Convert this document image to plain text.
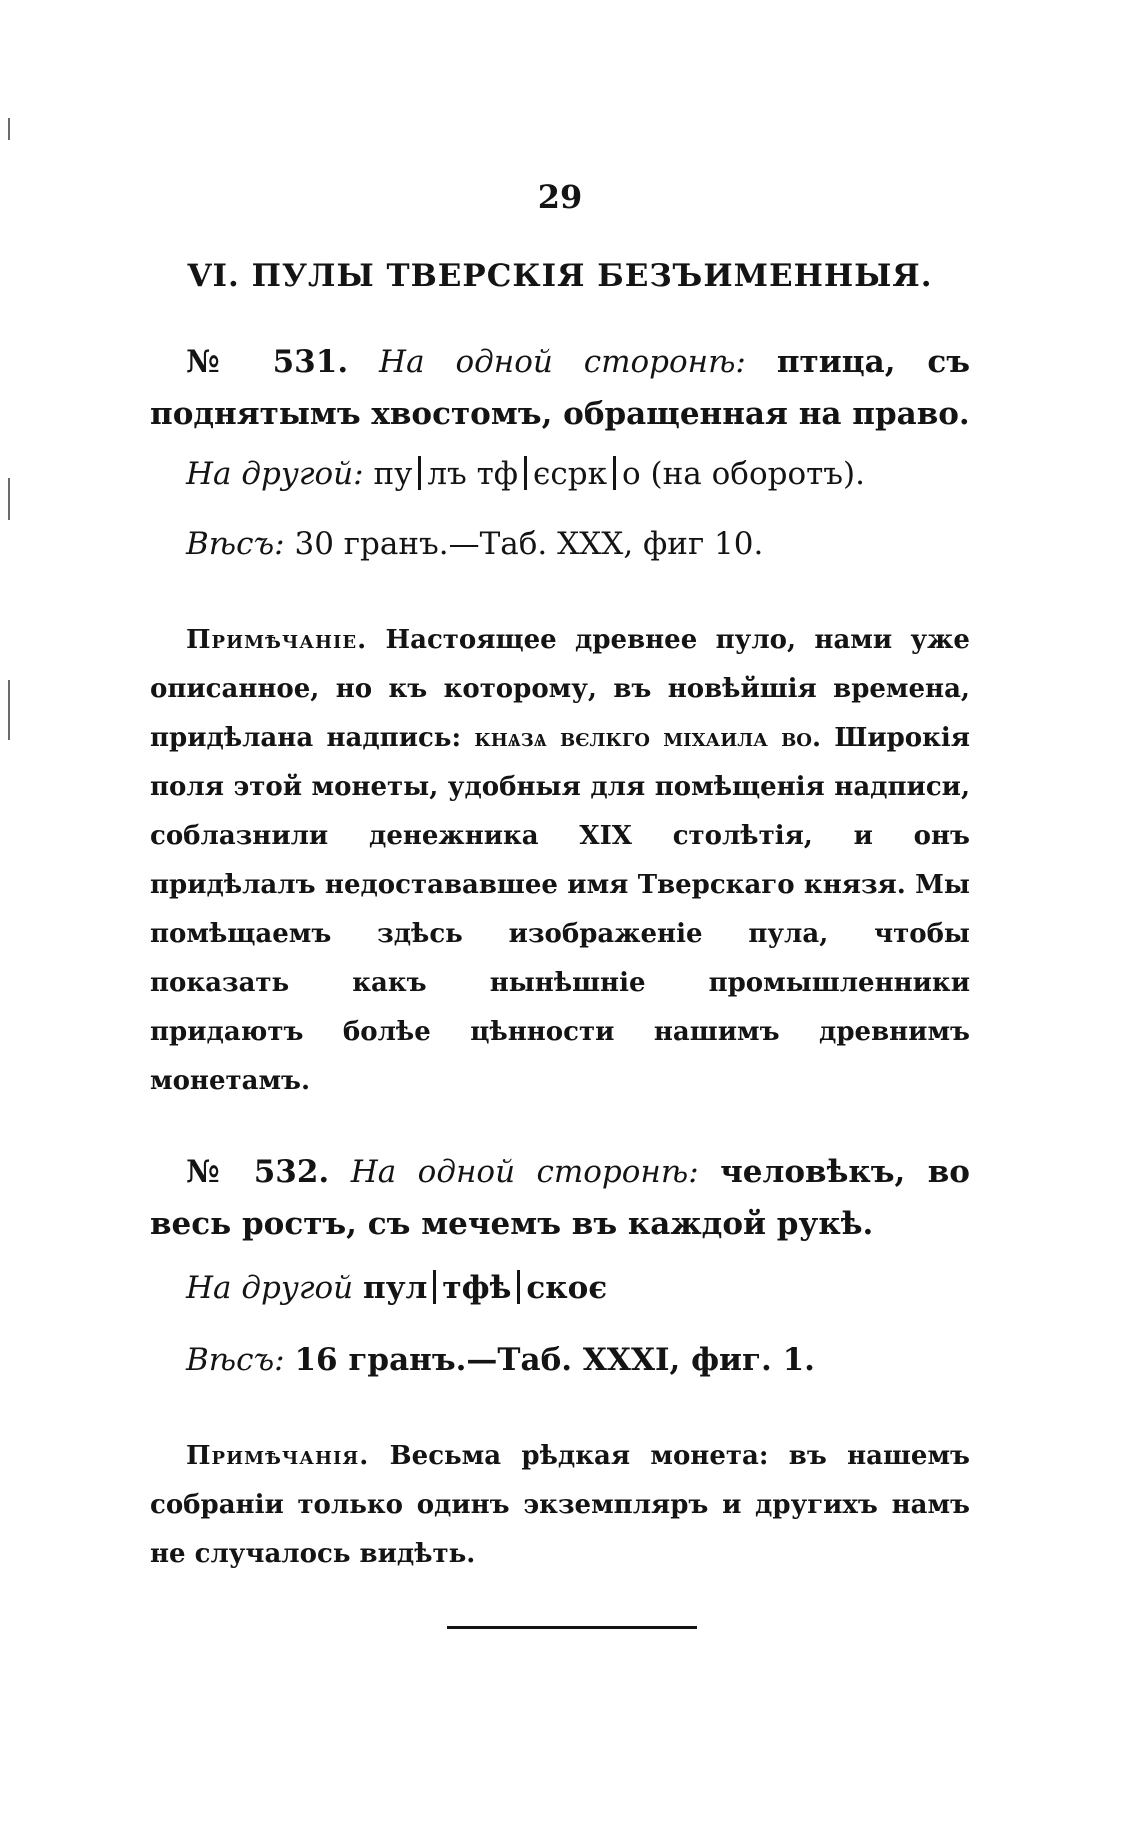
29
VI. ПУЛЫ ТВЕРСКІЯ БЕЗЪИМЕННЫЯ.

№ 531. На одной сторонѣ: птица, съ поднятымъ хвостомъ, обращенная на право.

На другой: пу лъ тф єсрк о (на оборотъ).

Вѣсъ: 30 гранъ.—Таб. XXX, фиг 10.

Примѣчаніе. Настоящее древнее пуло, нами уже описанное, но къ которому, въ новѣйшія времена, придѣлана надпись: кнѧзѧ вєлкго міхаила во. Широкія поля этой монеты, удобныя для помѣщенія надписи, соблазнили денежника XIX столѣтія, и онъ придѣлалъ недостававшее имя Тверскаго князя. Мы помѣщаемъ здѣсь изображеніе пула, чтобы показать какъ нынѣшніе промышленники придаютъ болѣе цѣнности нашимъ древнимъ монетамъ.

№ 532. На одной сторонѣ: человѣкъ, во весь ростъ, съ мечемъ въ каждой рукѣ.

На другой пул тфѣ скоє

Вѣсъ: 16 гранъ.—Таб. XXXI, фиг. 1.

Примѣчанія. Весьма рѣдкая монета: въ нашемъ собраніи только одинъ экземпляръ и другихъ намъ не случалось видѣть.
